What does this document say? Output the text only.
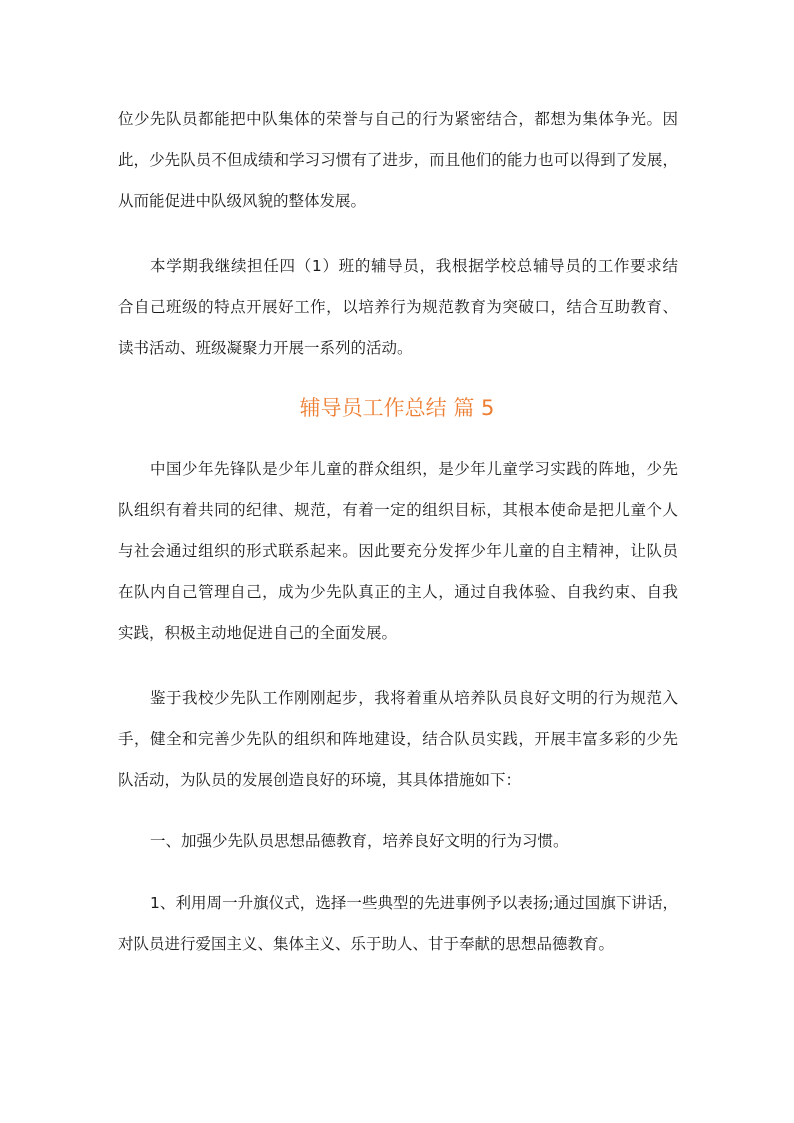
位少先队员都能把中队集体的荣誉与自己的行为紧密结合，都想为集体争光。因
此，少先队员不但成绩和学习习惯有了进步，而且他们的能力也可以得到了发展，
从而能促进中队级风貌的整体发展。
本学期我继续担任四（1）班的辅导员，我根据学校总辅导员的工作要求结
合自己班级的特点开展好工作，以培养行为规范教育为突破口，结合互助教育、
读书活动、班级凝聚力开展一系列的活动。
辅导员工作总结 篇 5
中国少年先锋队是少年儿童的群众组织，是少年儿童学习实践的阵地，少先
队组织有着共同的纪律、规范，有着一定的组织目标，其根本使命是把儿童个人
与社会通过组织的形式联系起来。因此要充分发挥少年儿童的自主精神，让队员
在队内自己管理自己，成为少先队真正的主人，通过自我体验、自我约束、自我
实践，积极主动地促进自己的全面发展。
鉴于我校少先队工作刚刚起步，我将着重从培养队员良好文明的行为规范入
手，健全和完善少先队的组织和阵地建设，结合队员实践，开展丰富多彩的少先
队活动，为队员的发展创造良好的环境，其具体措施如下：
一、加强少先队员思想品德教育，培养良好文明的行为习惯。
1、利用周一升旗仪式，选择一些典型的先进事例予以表扬;通过国旗下讲话，
对队员进行爱国主义、集体主义、乐于助人、甘于奉献的思想品德教育。
